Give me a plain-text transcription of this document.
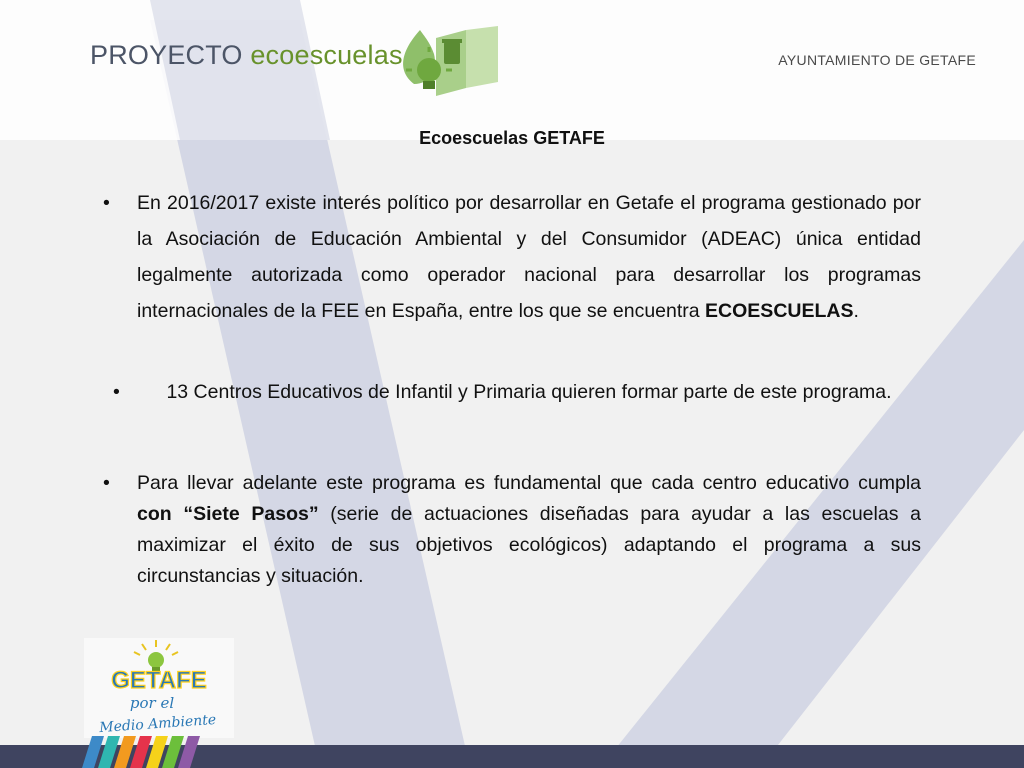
PROYECTO ecoescuelas	AYUNTAMIENTO DE GETAFE
Ecoescuelas GETAFE
• En 2016/2017 existe interés político por desarrollar en Getafe el programa gestionado por la Asociación de Educación Ambiental y del Consumidor (ADEAC) única entidad legalmente autorizada como operador nacional para desarrollar los programas internacionales de la FEE en España, entre los que se encuentra ECOESCUELAS.
• 13 Centros Educativos de Infantil y Primaria quieren formar parte de este programa.
• Para llevar adelante este programa es fundamental que cada centro educativo cumpla con “Siete Pasos” (serie de actuaciones diseñadas para ayudar a las escuelas a maximizar el éxito de sus objetivos ecológicos) adaptando el programa a sus circunstancias y situación.
GETAFE
por el
Medio Ambiente
